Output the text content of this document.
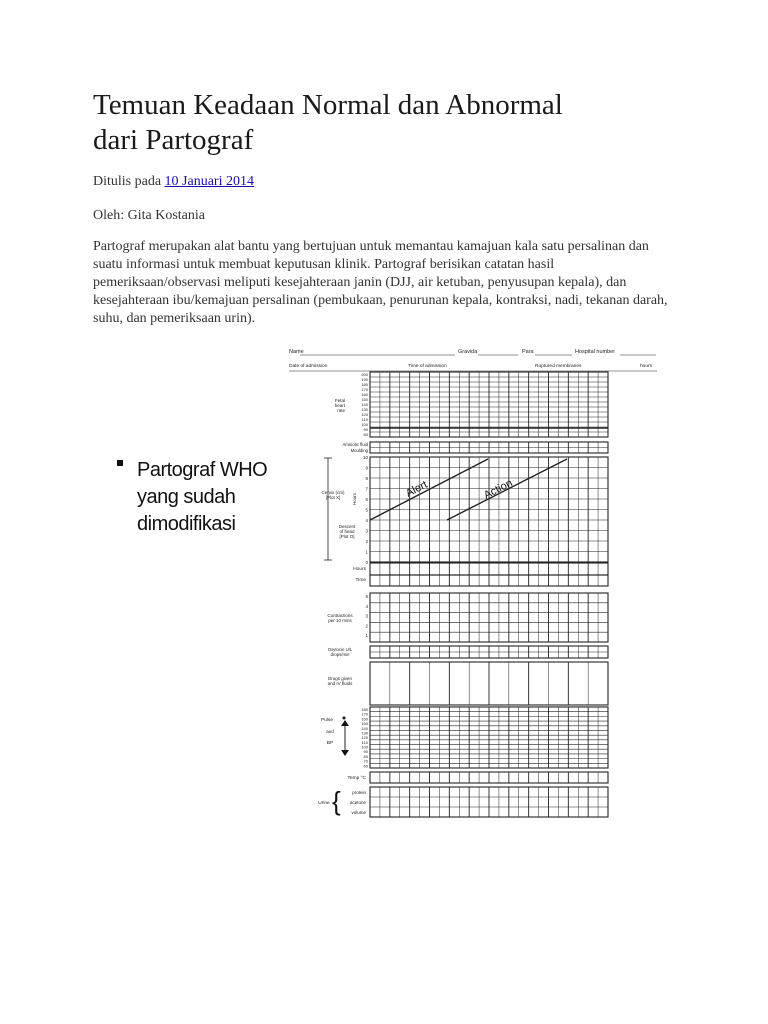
Temuan Keadaan Normal dan Abnormal
dari Partograf
Ditulis pada 10 Januari 2014
Oleh: Gita Kostania

Partograf merupakan alat bantu yang bertujuan untuk memantau kamajuan kala satu persalinan dan suatu informasi untuk membuat keputusan klinik. Partograf berisikan catatan hasil pemeriksaan/observasi meliputi kesejahteraan janin (DJJ, air ketuban, penyusupan kepala), dan kesejahteraan ibu/kemajuan persalinan (pembukaan, penurunan kepala, kontraksi, nadi, tekanan darah, suhu, dan pemeriksaan urin).

Partograf WHO
yang sudah
dimodifikasi
Name	Gravida	Para	Hospital number
Date of admission	Time of admission	Ruptured membranes	hours
200
190
180
170
160
150
140
130
120
110
100
90
80
Fetal
heart
rate
Amniotic fluid
Moulding
10
9
8
7
6
5
4
3
2
1
0
Cervix (cm)
[Plot X]
Descent
of head
[Plot O]
Hours	Alert	Action
Hours
Time
5
4
3
2
1
Contractions
per 10 mins
Oxytocin U/L
drops/min
Drugs given
and IV fluids
180
170
160
150
140
130
120
110
100
90
80
70
60
Pulse
and
BP
Temp °C
protein
acetone
volume
Urine {
